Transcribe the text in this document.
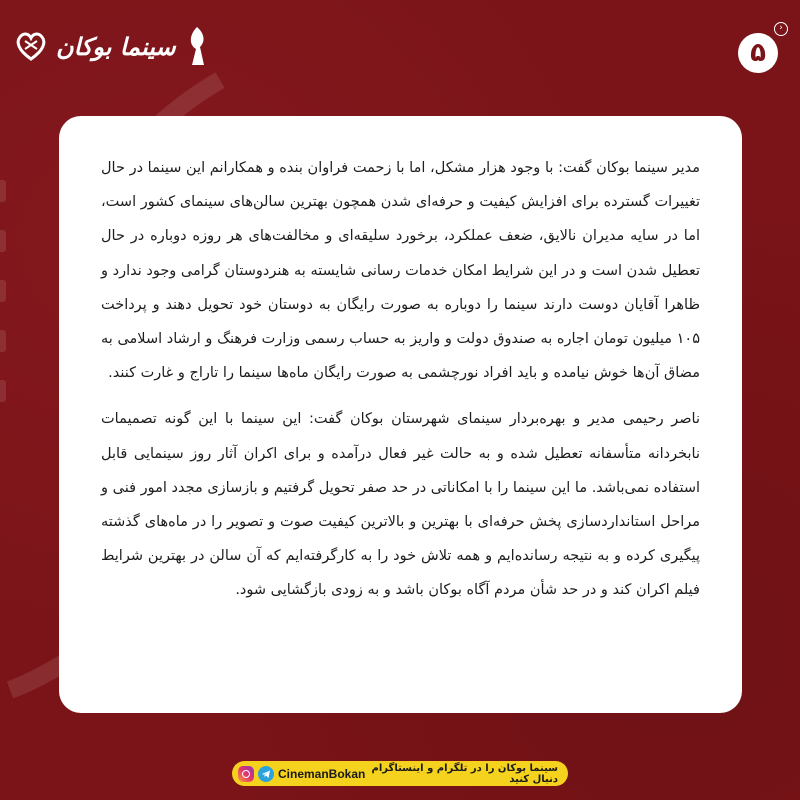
سینما بوکان	۵
›

مدیر سینما بوکان گفت: با وجود هزار مشکل، اما با زحمت فراوان بنده و همکارانم این سینما در حال تغییرات گسترده برای افزایش کیفیت و حرفه‌ای شدن همچون بهترین سالن‌های سینمای کشور است، اما در سایه مدیران نالایق، ضعف عملکرد، برخورد سلیقه‌ای و مخالفت‌های هر روزه دوباره در حال تعطیل شدن است و در این شرایط امکان خدمات رسانی شایسته به هنردوستان گرامی وجود ندارد و ظاهرا آقایان دوست دارند سینما را دوباره به صورت رایگان به دوستان خود تحویل دهند و پرداخت ۱۰۵ میلیون تومان اجاره به صندوق دولت و واریز به حساب رسمی وزارت فرهنگ و ارشاد اسلامی به مضاق آن‌ها خوش نیامده و باید افراد نورچشمی به صورت رایگان ماه‌ها سینما را تاراج و غارت کنند.

ناصر رحیمی مدیر و بهره‌بردار سینمای شهرستان بوکان گفت: این سینما با این گونه تصمیمات نابخردانه متأسفانه تعطیل شده و به حالت غیر فعال درآمده و برای اکران آثار روز سینمایی قابل استفاده نمی‌باشد. ما این سینما را با امکاناتی در حد صفر تحویل گرفتیم و بازسازی مجدد امور فنی و مراحل استانداردسازی پخش حرفه‌ای با بهترین و بالاترین کیفیت صوت و تصویر را در ماه‌های گذشته پیگیری کرده و به نتیجه رسانده‌ایم و همه تلاش خود را به کارگرفته‌ایم که آن سالن در بهترین شرایط فیلم اکران کند و در حد شأن مردم آگاه بوکان باشد و به زودی بازگشایی شود.

CinemanBokan سینما بوکان را در تلگرام و اینستاگرام دنبال کنید
